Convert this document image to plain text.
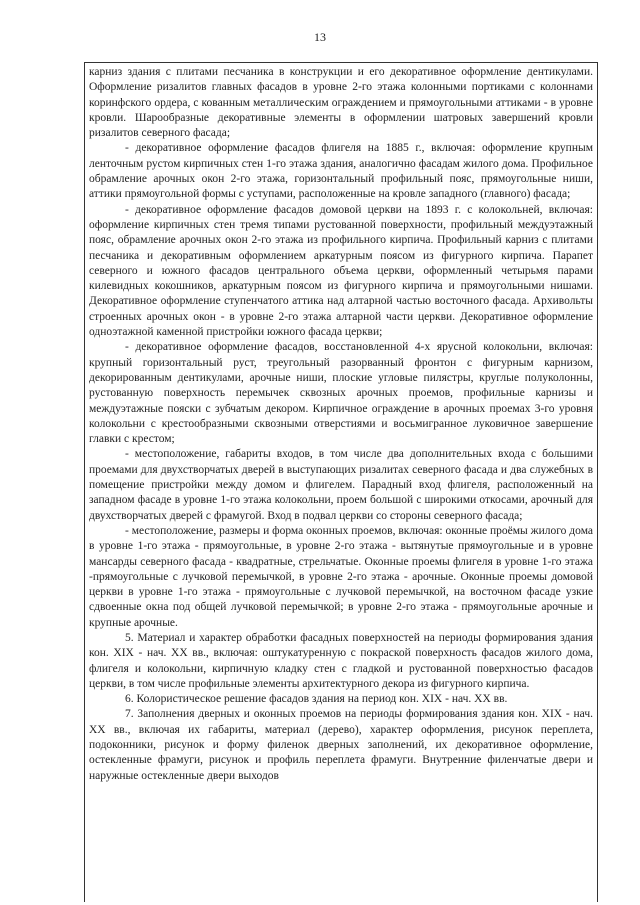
13

карниз здания с плитами песчаника в конструкции и его декоративное оформление дентикулами. Оформление ризалитов главных фасадов в уровне 2-го этажа колонными портиками с колоннами коринфского ордера, с кованным металлическим ограждением и прямоугольными аттиками - в уровне кровли. Шарообразные декоративные элементы в оформлении шатровых завершений кровли ризалитов северного фасада;

- декоративное оформление фасадов флигеля на 1885 г., включая: оформление крупным ленточным рустом кирпичных стен 1-го этажа здания, аналогично фасадам жилого дома. Профильное обрамление арочных окон 2-го этажа, горизонтальный профильный пояс, прямоугольные ниши, аттики прямоугольной формы с уступами, расположенные на кровле западного (главного) фасада;

- декоративное оформление фасадов домовой церкви на 1893 г. с колокольней, включая: оформление кирпичных стен тремя типами рустованной поверхности, профильный междуэтажный пояс, обрамление арочных окон 2-го этажа из профильного кирпича. Профильный карниз с плитами песчаника и декоративным оформлением аркатурным поясом из фигурного кирпича. Парапет северного и южного фасадов центрального объема церкви, оформленный четырьмя парами килевидных кокошников, аркатурным поясом из фигурного кирпича и прямоугольными нишами. Декоративное оформление ступенчатого аттика над алтарной частью восточного фасада. Архивольты строенных арочных окон - в уровне 2-го этажа алтарной части церкви. Декоративное оформление одноэтажной каменной пристройки южного фасада церкви;

- декоративное оформление фасадов, восстановленной 4-х ярусной колокольни, включая: крупный горизонтальный руст, треугольный разорванный фронтон с фигурным карнизом, декорированным дентикулами, арочные ниши, плоские угловые пилястры, круглые полуколонны, рустованную поверхность перемычек сквозных арочных проемов, профильные карнизы и междуэтажные пояски с зубчатым декором. Кирпичное ограждение в арочных проемах 3-го уровня колокольни с крестообразными сквозными отверстиями и восьмигранное луковичное завершение главки с крестом;

- местоположение, габариты входов, в том числе два дополнительных входа с большими проемами для двухстворчатых дверей в выступающих ризалитах северного фасада и два служебных в помещение пристройки между домом и флигелем. Парадный вход флигеля, расположенный на западном фасаде в уровне 1-го этажа колокольни, проем большой с широкими откосами, арочный для двухстворчатых дверей с фрамугой. Вход в подвал церкви со стороны северного фасада;

- местоположение, размеры и форма оконных проемов, включая: оконные проёмы жилого дома в уровне 1-го этажа - прямоугольные, в уровне 2-го этажа - вытянутые прямоугольные и в уровне мансарды северного фасада - квадратные, стрельчатые. Оконные проемы флигеля в уровне 1-го этажа -прямоугольные с лучковой перемычкой, в уровне 2-го этажа - арочные. Оконные проемы домовой церкви в уровне 1-го этажа - прямоугольные с лучковой перемычкой, на восточном фасаде узкие сдвоенные окна под общей лучковой перемычкой; в уровне 2-го этажа - прямоугольные арочные и крупные арочные.

5. Материал и характер обработки фасадных поверхностей на периоды формирования здания кон. XIX - нач. XX вв., включая: оштукатуренную с покраской поверхность фасадов жилого дома, флигеля и колокольни, кирпичную кладку стен с гладкой и рустованной поверхностью фасадов церкви, в том числе профильные элементы архитектурного декора из фигурного кирпича.

6. Колористическое решение фасадов здания на период кон. XIX - нач. XX вв.

7. Заполнения дверных и оконных проемов на периоды формирования здания кон. XIX - нач. XX вв., включая их габариты, материал (дерево), характер оформления, рисунок переплета, подоконники, рисунок и форму филенок дверных заполнений, их декоративное оформление, остекленные фрамуги, рисунок и профиль переплета фрамуги. Внутренние филенчатые двери и наружные остекленные двери выходов
